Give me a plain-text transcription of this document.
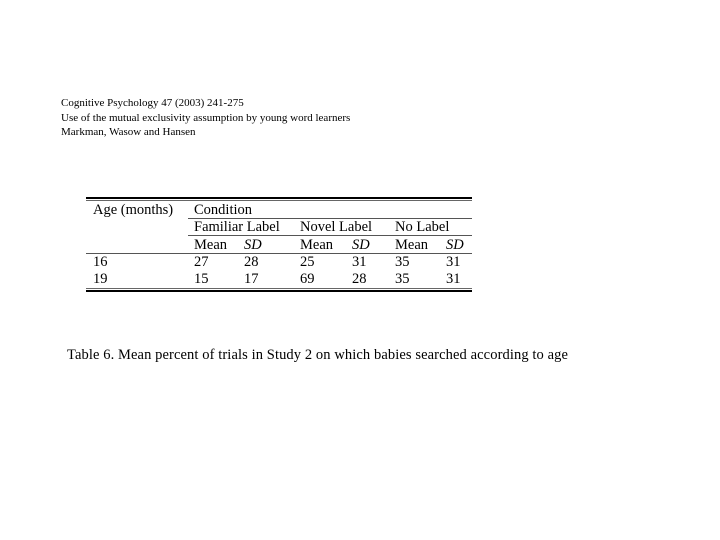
Cognitive Psychology 47 (2003) 241-275
Use of the mutual exclusivity assumption by young word learners
Markman, Wasow and Hansen
Age (months)	Condition					
	Familiar Label		Novel Label		No Label	
	Mean	SD	Mean	SD	Mean	SD
16	27	28	25	31	35	31
19	15	17	69	28	35	31
Table 6. Mean percent of trials in Study 2 on which babies searched according to age
